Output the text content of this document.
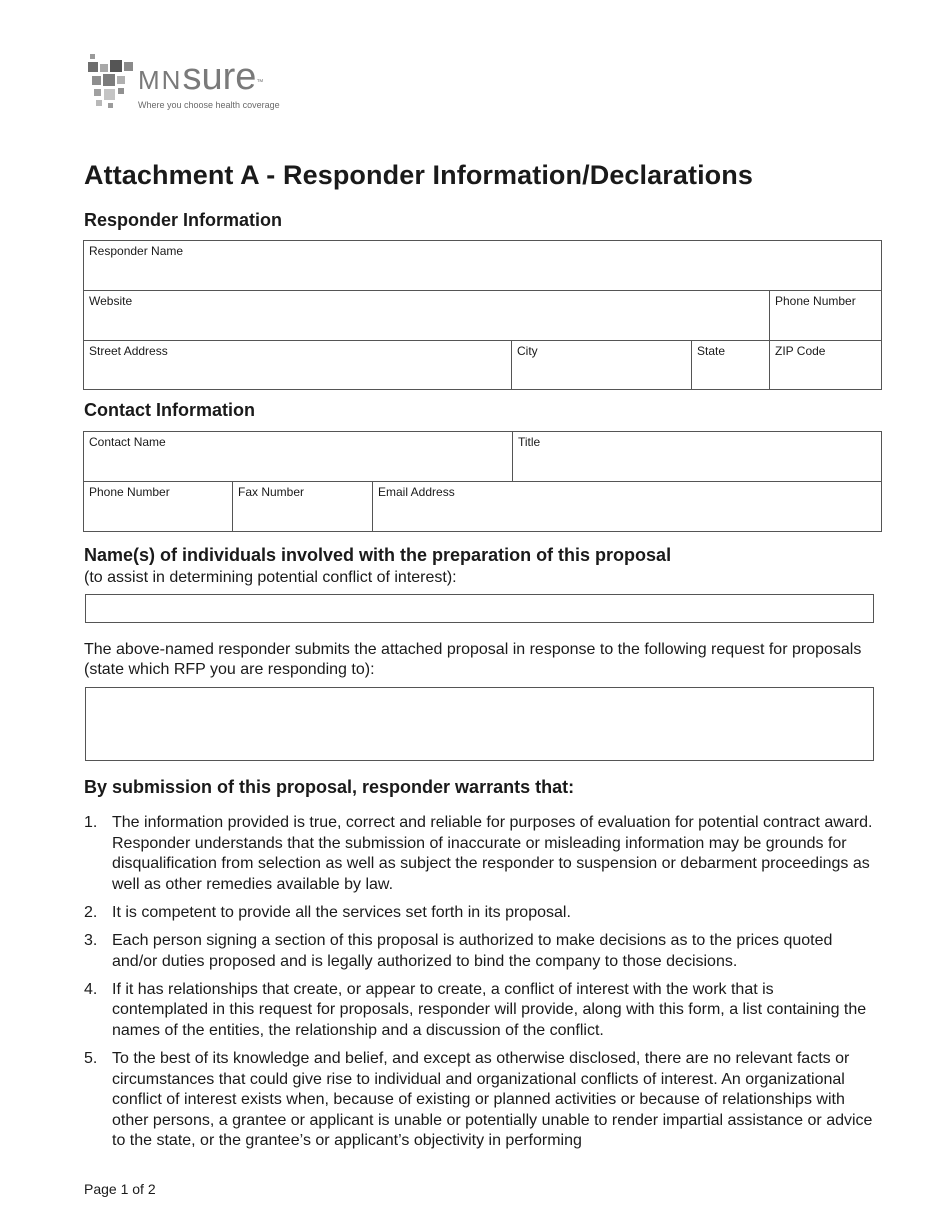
MNsure™
Where you choose health coverage
Attachment A - Responder Information/Declarations
Responder Information
Responder Name			
Website			Phone Number
Street Address	City	State	ZIP Code
Contact Information
Contact Name			Title
Phone Number	Fax Number	Email Address	
Name(s) of individuals involved with the preparation of this proposal

(to assist in determining potential conflict of interest):

The above-named responder submits the attached proposal in response to the following request for proposals (state which RFP you are responding to):

By submission of this proposal, responder warrants that:
1. The information provided is true, correct and reliable for purposes of evaluation for potential contract award. Responder understands that the submission of inaccurate or misleading information may be grounds for disqualification from selection as well as subject the responder to suspension or debarment proceedings as well as other remedies available by law.
2. It is competent to provide all the services set forth in its proposal.
3. Each person signing a section of this proposal is authorized to make decisions as to the prices quoted and/or duties proposed and is legally authorized to bind the company to those decisions.
4. If it has relationships that create, or appear to create, a conflict of interest with the work that is contemplated in this request for proposals, responder will provide, along with this form, a list containing the names of the entities, the relationship and a discussion of the conflict.
5. To the best of its knowledge and belief, and except as otherwise disclosed, there are no relevant facts or circumstances that could give rise to individual and organizational conflicts of interest. An organizational conflict of interest exists when, because of existing or planned activities or because of relationships with other persons, a grantee or applicant is unable or potentially unable to render impartial assistance or advice to the state, or the grantee’s or applicant’s objectivity in performing
Page 1 of 2
